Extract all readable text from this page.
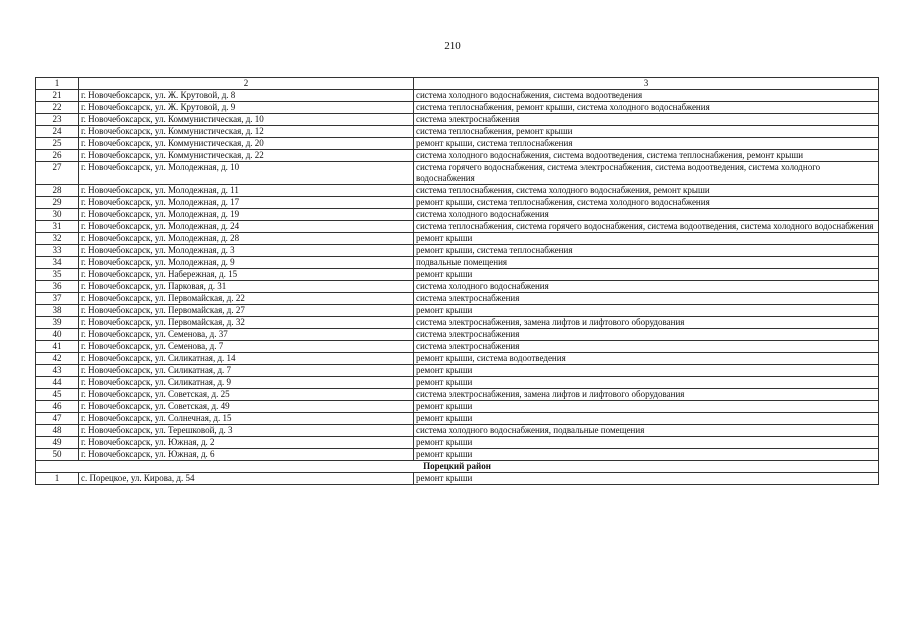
210
1	2	3
21	г. Новочебоксарск, ул. Ж. Крутовой, д. 8	система холодного водоснабжения, система водоотведения
22	г. Новочебоксарск, ул. Ж. Крутовой, д. 9	система теплоснабжения, ремонт крыши, система холодного водоснабжения
23	г. Новочебоксарск, ул. Коммунистическая, д. 10	система электроснабжения
24	г. Новочебоксарск, ул. Коммунистическая, д. 12	система теплоснабжения, ремонт крыши
25	г. Новочебоксарск, ул. Коммунистическая, д. 20	ремонт крыши, система теплоснабжения
26	г. Новочебоксарск, ул. Коммунистическая, д. 22	система холодного водоснабжения, система водоотведения, система теплоснабжения, ремонт крыши
27	г. Новочебоксарск, ул. Молодежная, д. 10	система горячего водоснабжения, система электроснабжения, система водоотведения, система холодного водоснабжения
28	г. Новочебоксарск, ул. Молодежная, д. 11	система теплоснабжения, система холодного водоснабжения, ремонт крыши
29	г. Новочебоксарск, ул. Молодежная, д. 17	ремонт крыши, система теплоснабжения, система холодного водоснабжения
30	г. Новочебоксарск, ул. Молодежная, д. 19	система холодного водоснабжения
31	г. Новочебоксарск, ул. Молодежная, д. 24	система теплоснабжения, система горячего водоснабжения, система водоотведения, система холодного водоснабжения
32	г. Новочебоксарск, ул. Молодежная, д. 28	ремонт крыши
33	г. Новочебоксарск, ул. Молодежная, д. 3	ремонт крыши, система теплоснабжения
34	г. Новочебоксарск, ул. Молодежная, д. 9	подвальные помещения
35	г. Новочебоксарск, ул. Набережная, д. 15	ремонт крыши
36	г. Новочебоксарск, ул. Парковая, д. 31	система холодного водоснабжения
37	г. Новочебоксарск, ул. Первомайская, д. 22	система электроснабжения
38	г. Новочебоксарск, ул. Первомайская, д. 27	ремонт крыши
39	г. Новочебоксарск, ул. Первомайская, д. 32	система электроснабжения, замена лифтов и лифтового оборудования
40	г. Новочебоксарск, ул. Семенова, д. 37	система электроснабжения
41	г. Новочебоксарск, ул. Семенова, д. 7	система электроснабжения
42	г. Новочебоксарск, ул. Силикатная, д. 14	ремонт крыши, система водоотведения
43	г. Новочебоксарск, ул. Силикатная, д. 7	ремонт крыши
44	г. Новочебоксарск, ул. Силикатная, д. 9	ремонт крыши
45	г. Новочебоксарск, ул. Советская, д. 25	система электроснабжения, замена лифтов и лифтового оборудования
46	г. Новочебоксарск, ул. Советская, д. 49	ремонт крыши
47	г. Новочебоксарск, ул. Солнечная, д. 15	ремонт крыши
48	г. Новочебоксарск, ул. Терешковой, д. 3	система холодного водоснабжения, подвальные помещения
49	г. Новочебоксарск, ул. Южная, д. 2	ремонт крыши
50	г. Новочебоксарск, ул. Южная, д. 6	ремонт крыши
Порецкий район		
1	с. Порецкое, ул. Кирова, д. 54	ремонт крыши
